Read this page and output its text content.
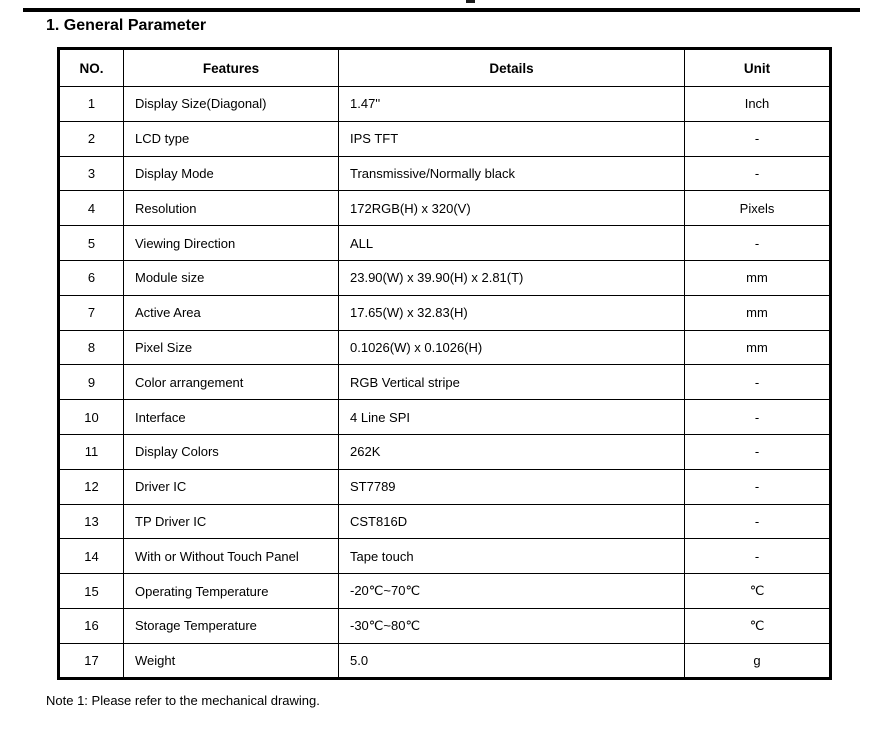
1. General Parameter
NO.	Features	Details	Unit
1	Display Size(Diagonal)	1.47''	Inch
2	LCD type	IPS TFT	-
3	Display Mode	Transmissive/Normally black	-
4	Resolution	172RGB(H) x 320(V)	Pixels
5	Viewing Direction	ALL	-
6	Module size	23.90(W) x 39.90(H) x 2.81(T)	mm
7	Active Area	17.65(W) x 32.83(H)	mm
8	Pixel Size	0.1026(W) x 0.1026(H)	mm
9	Color arrangement	RGB Vertical stripe	-
10	Interface	4 Line SPI	-
11	Display Colors	262K	-
12	Driver IC	ST7789	-
13	TP Driver IC	CST816D	-
14	With or Without Touch Panel	Tape touch	-
15	Operating Temperature	-20℃~70℃	℃
16	Storage Temperature	-30℃~80℃	℃
17	Weight	5.0	g
Note 1: Please refer to the mechanical drawing.
